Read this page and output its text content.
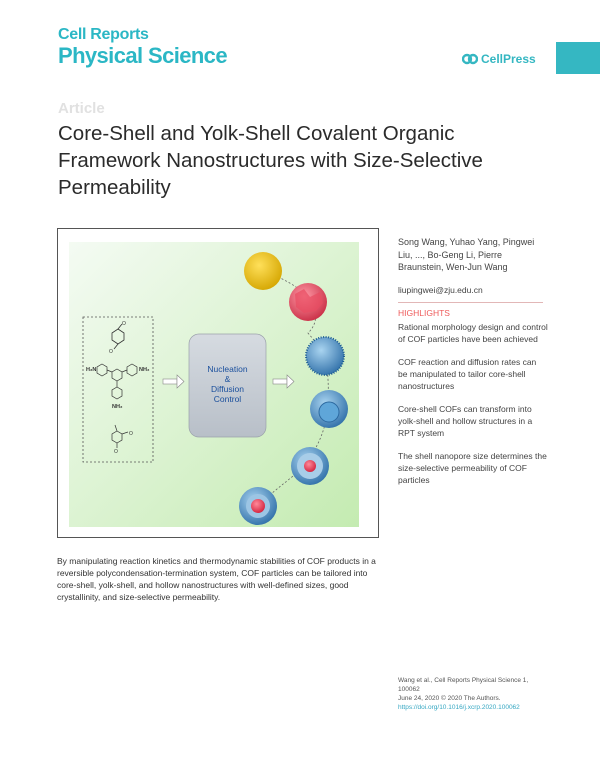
Cell Reports
Physical Science	CellPress
Article
Core-Shell and Yolk-Shell Covalent Organic Framework Nanostructures with Size-Selective Permeability
O
O
H₂N	NH₂
NH₂
O
O
Nucleation
&
Diffusion
Control
Song Wang, Yuhao Yang, Pingwei Liu, ..., Bo-Geng Li, Pierre Braunstein, Wen-Jun Wang
liupingwei@zju.edu.cn
HIGHLIGHTS
Rational morphology design and control of COF particles have been achieved
COF reaction and diffusion rates can be manipulated to tailor core-shell nanostructures
Core-shell COFs can transform into yolk-shell and hollow structures in a RPT system
The shell nanopore size determines the size-selective permeability of COF particles
By manipulating reaction kinetics and thermodynamic stabilities of COF products in a reversible polycondensation-termination system, COF particles can be tailored into core-shell, yolk-shell, and hollow nanostructures with well-defined sizes, good crystallinity, and size-selective permeability.
Wang et al., Cell Reports Physical Science 1, 100062
June 24, 2020 © 2020 The Authors.
https://doi.org/10.1016/j.xcrp.2020.100062
